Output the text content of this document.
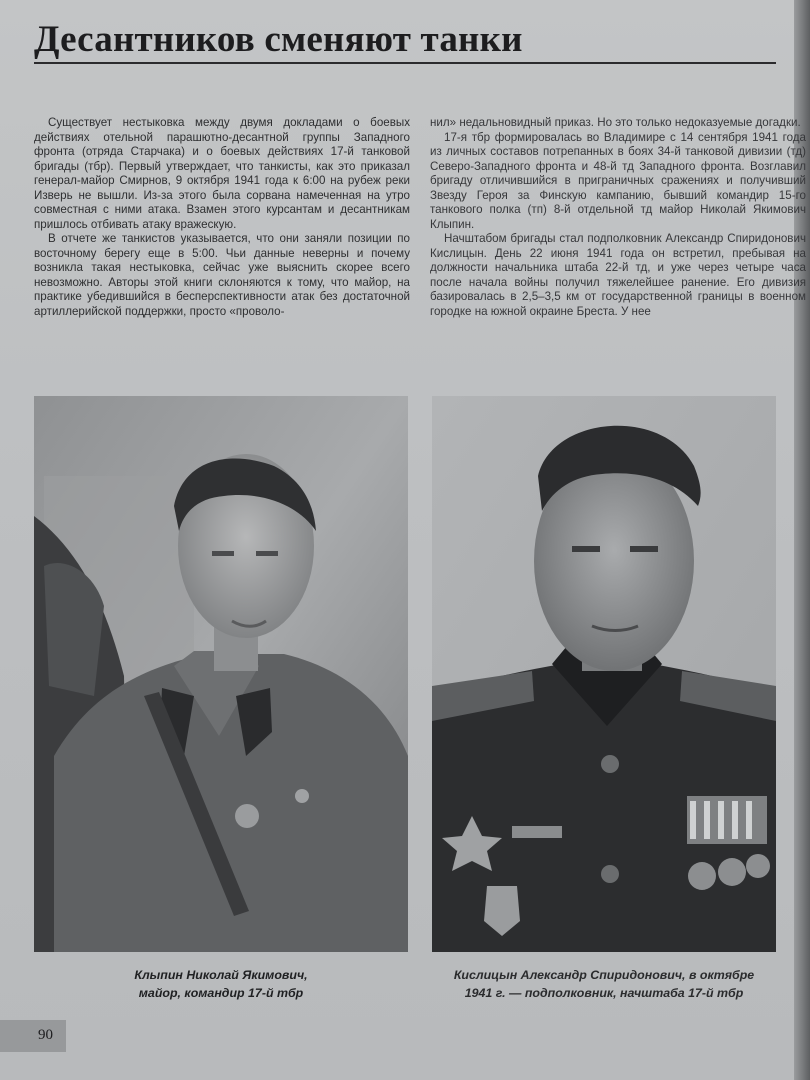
Десантников сменяют танки

Существует нестыковка между двумя докладами о боевых действиях отельной парашютно-десантной группы Западного фронта (отряда Старчака) и о боевых действиях 17-й танковой бригады (тбр). Первый утверждает, что танкисты, как это приказал генерал-майор Смирнов, 9 октября 1941 года к 6:00 на рубеж реки Изверь не вышли. Из-за этого была сорвана намеченная на утро совместная с ними атака. Взамен этого курсантам и десантникам пришлось отбивать атаку вражескую.

В отчете же танкистов указывается, что они заняли позиции по восточному берегу еще в 5:00. Чьи данные неверны и почему возникла такая нестыковка, сейчас уже выяснить скорее всего невозможно. Авторы этой книги склоняются к тому, что майор, на практике убедившийся в бесперспективности атак без достаточной артиллерийской поддержки, просто «проволо-

нил» недальновидный приказ. Но это только недоказуемые догадки.

17-я тбр формировалась во Владимире с 14 сентября 1941 года из личных составов потрепанных в боях 34-й танковой дивизии (тд) Северо-Западного фронта и 48-й тд Западного фронта. Возглавил бригаду отличившийся в приграничных сражениях и получивший Звезду Героя за Финскую кампанию, бывший командир 15-го танкового полка (тп) 8-й отдельной тд майор Николай Якимович Клыпин.

Начштабом бригады стал подполковник Александр Спиридонович Кислицын. День 22 июня 1941 года он встретил, пребывая на должности начальника штаба 22-й тд, и уже через четыре часа после начала войны получил тяжелейшее ранение. Его дивизия базировалась в 2,5–3,5 км от государственной границы в военном городке на южной окраине Бреста. У нее

Клыпин Николай Якимович,
майор, командир 17-й тбр
Кислицын Александр Спиридонович, в октябре
1941 г. — подполковник, начштаба 17-й тбр
90
